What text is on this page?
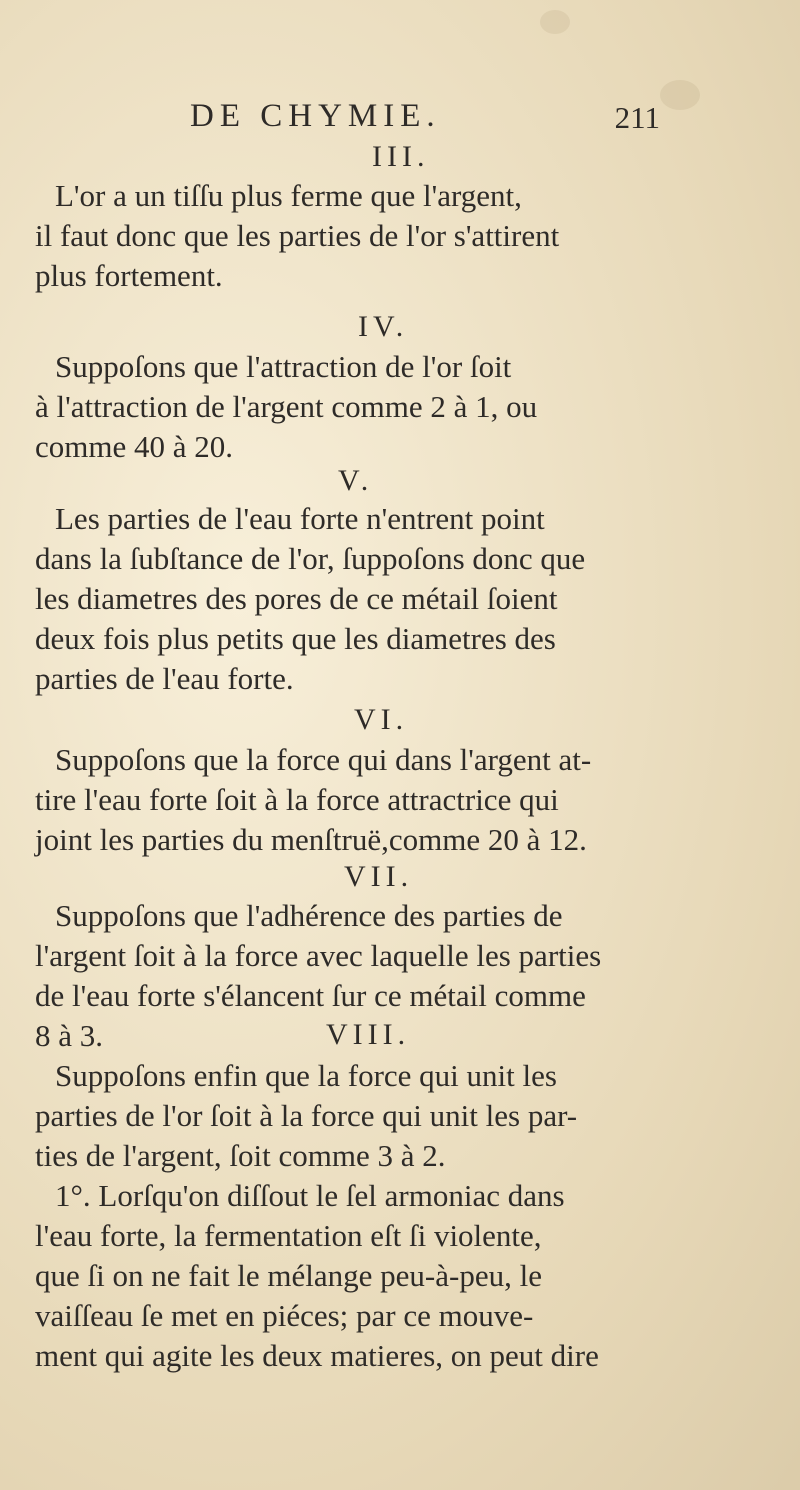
DE CHYMIE.	211
III.
L'or a un tiſſu plus ferme que l'argent,
il faut donc que les parties de l'or s'attirent
plus fortement.
IV.
Suppoſons que l'attraction de l'or ſoit
à l'attraction de l'argent comme 2 à 1, ou
comme 40 à 20.
V.
Les parties de l'eau forte n'entrent point
dans la ſubſtance de l'or, ſuppoſons donc que
les diametres des pores de ce métail ſoient
deux fois plus petits que les diametres des
parties de l'eau forte.
VI.
Suppoſons que la force qui dans l'argent at-
tire l'eau forte ſoit à la force attractrice qui
joint les parties du menſtruë,comme 20 à 12.
VII.
Suppoſons que l'adhérence des parties de
l'argent ſoit à la force avec laquelle les parties
de l'eau forte s'élancent ſur ce métail comme
8 à 3.	VIII.
Suppoſons enfin que la force qui unit les
parties de l'or ſoit à la force qui unit les par-
ties de l'argent, ſoit comme 3 à 2.
1°. Lorſqu'on diſſout le ſel armoniac dans
l'eau forte, la fermentation eſt ſi violente,
que ſi on ne fait le mélange peu-à-peu, le
vaiſſeau ſe met en piéces; par ce mouve-
ment qui agite les deux matieres, on peut dire
